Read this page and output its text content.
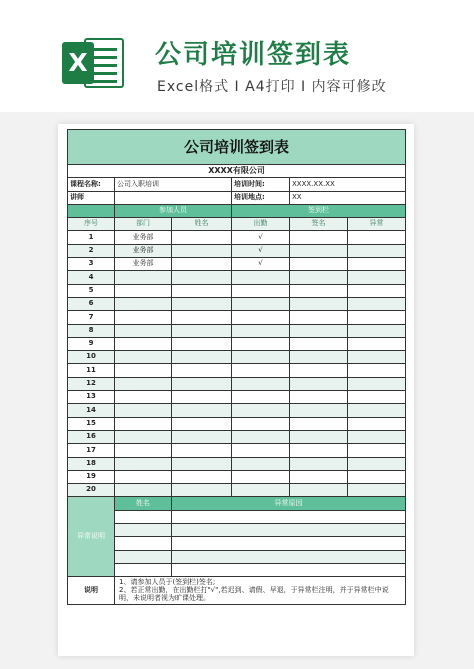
X	公司培训签到表
Excel格式 I A4打印 I 内容可修改
公司培训签到表					
XXXX有限公司					
课程名称:	公司入职培训		培训时间:	XXXX.XX.XX	
讲师			培训地点:	XX	
	参加人员		签到栏		
序号	部门	姓名	出勤	签名	异常
1	业务部		√		
2	业务部		√		
3	业务部		√		
4					
5					
6					
7					
8					
9					
10					
11					
12					
13					
14					
15					
16					
17					
18					
19					
20					
异常说明	姓名	异常原因			

说明	1、请参加人员于(签到栏)签名;
2、若正常出勤，在出勤栏打"√",若迟到、请假、早退，于异常栏注明，并于异常栏中说明，未说明者视为旷课处理。				
